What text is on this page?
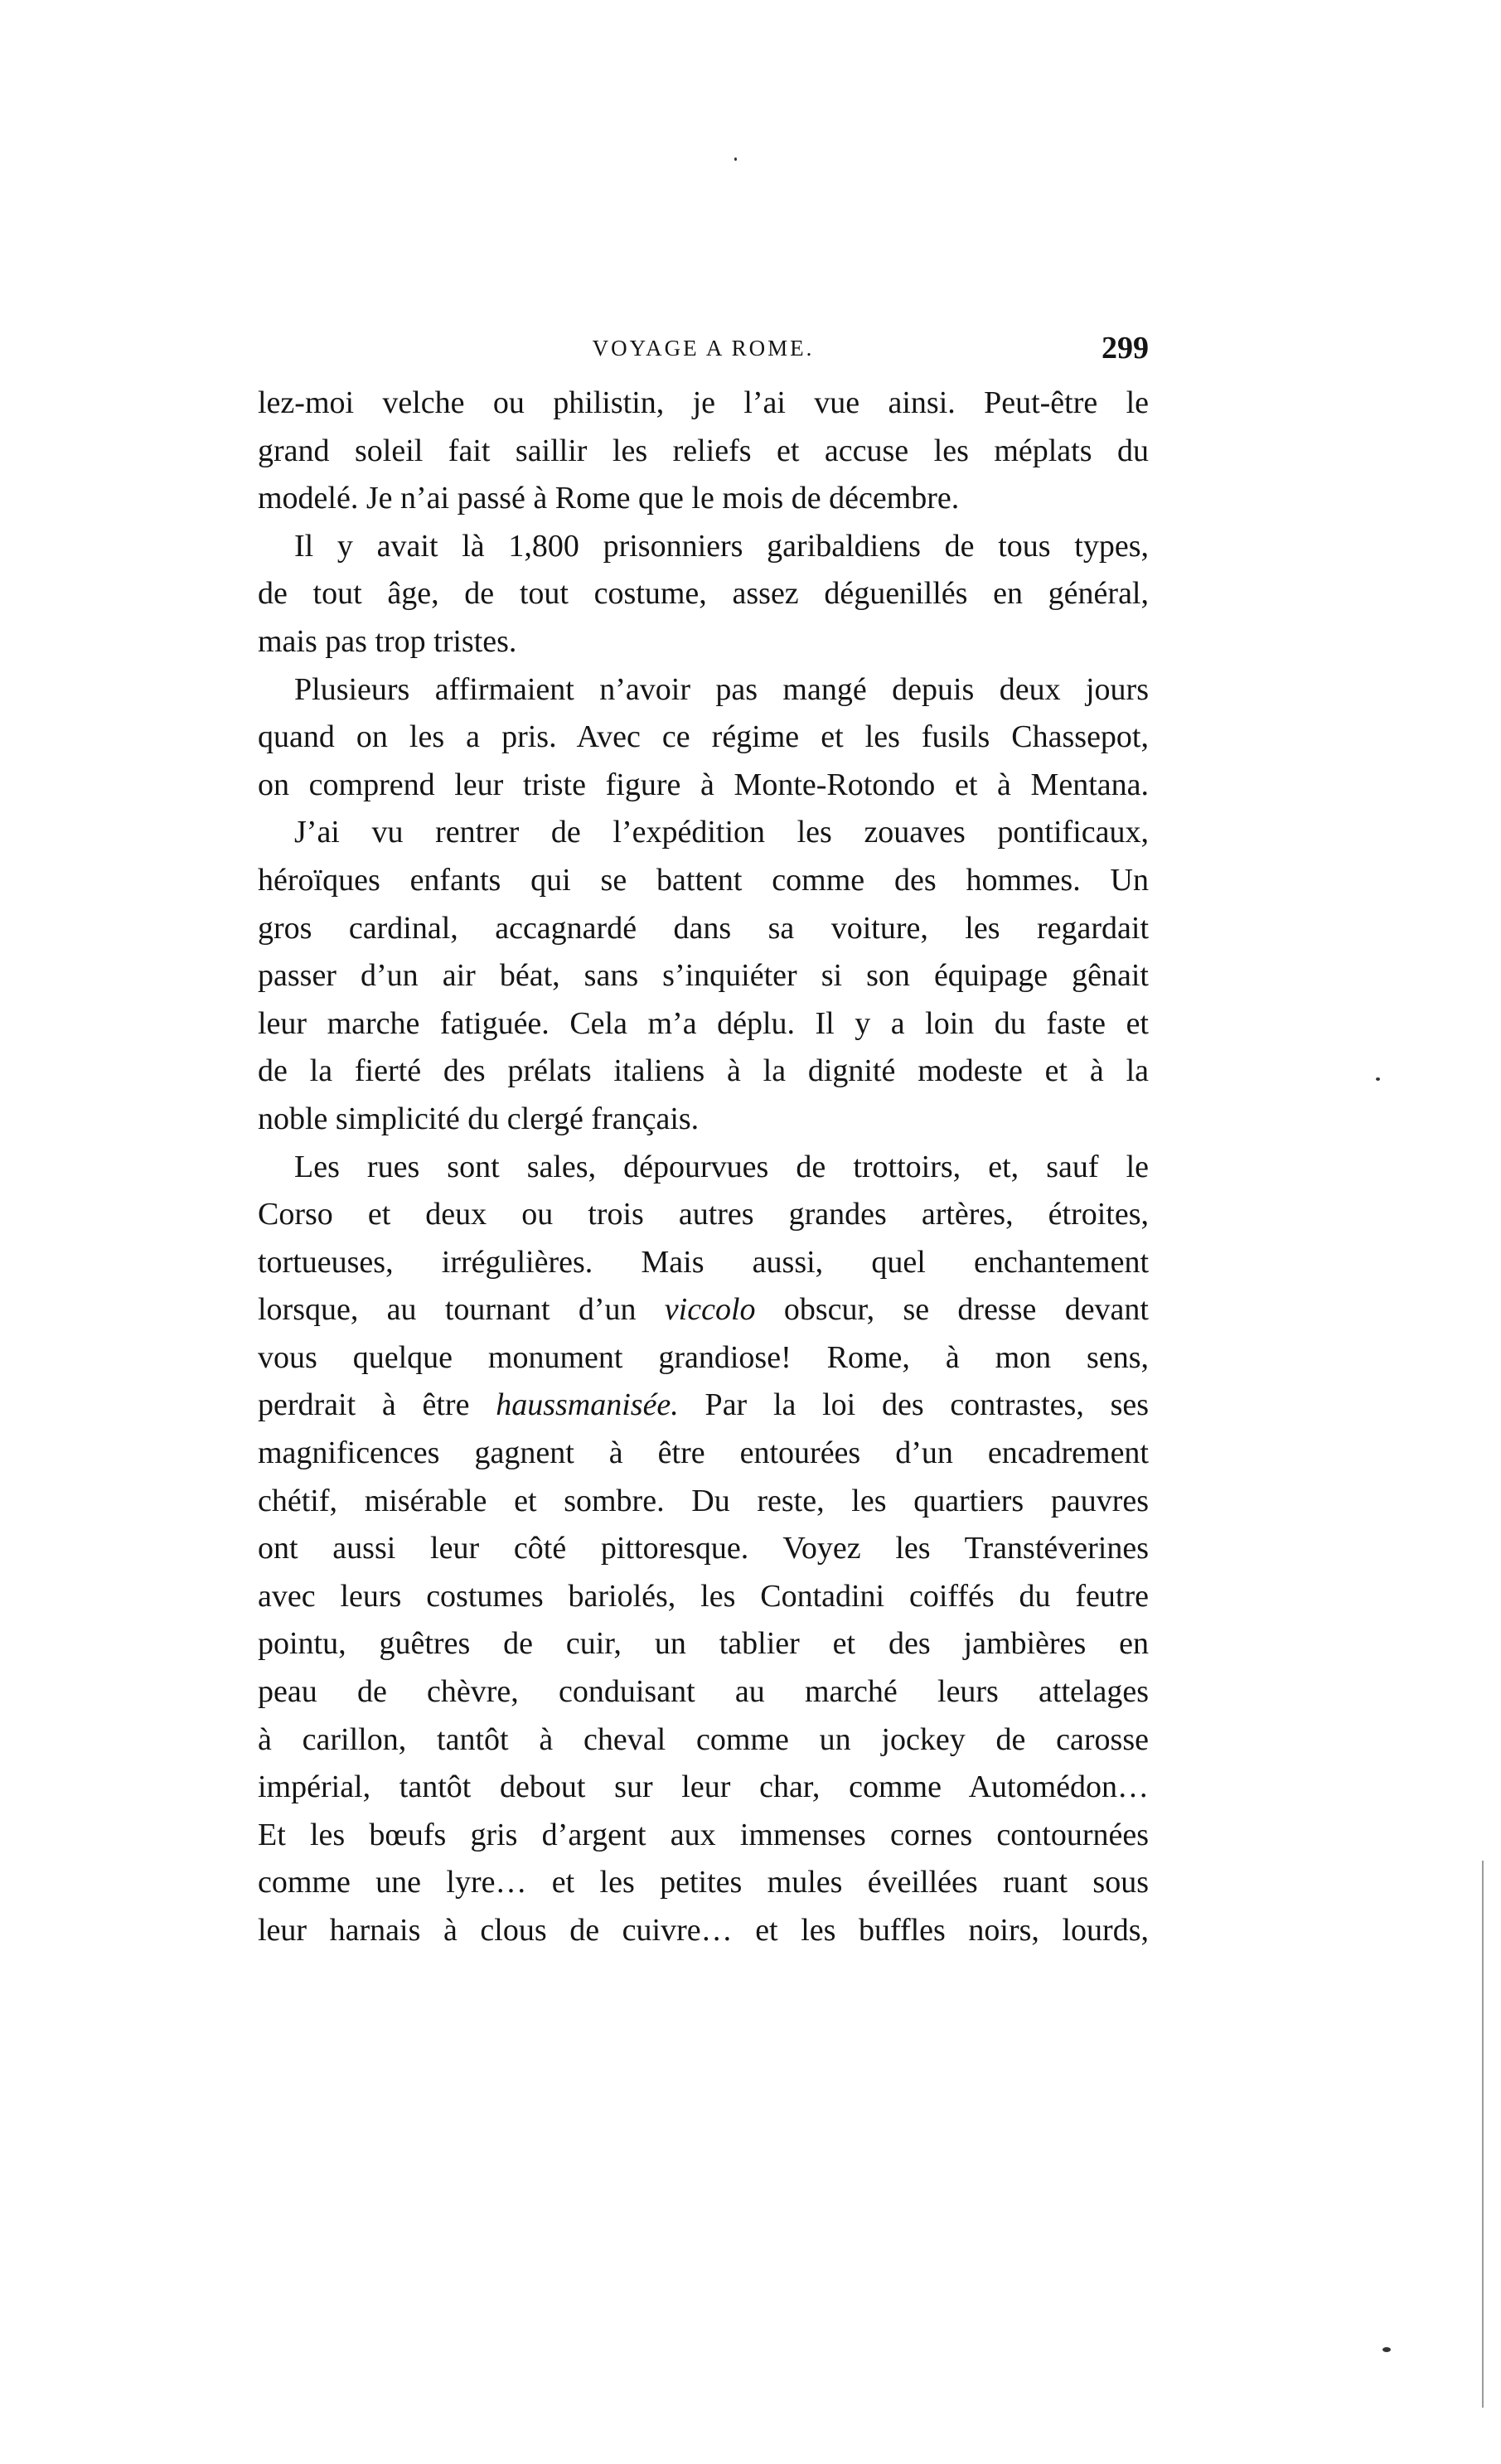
VOYAGE A ROME.	299
lez-moi velche ou philistin, je l’ai vue ainsi. Peut-être le
grand soleil fait saillir les reliefs et accuse les méplats du
modelé. Je n’ai passé à Rome que le mois de décembre.
Il y avait là 1,800 prisonniers garibaldiens de tous types,
de tout âge, de tout costume, assez déguenillés en général,
mais pas trop tristes.
Plusieurs affirmaient n’avoir pas mangé depuis deux jours
quand on les a pris. Avec ce régime et les fusils Chassepot,
on comprend leur triste figure à Monte-Rotondo et à Mentana.
J’ai vu rentrer de l’expédition les zouaves pontificaux,
héroïques enfants qui se battent comme des hommes. Un
gros cardinal, accagnardé dans sa voiture, les regardait
passer d’un air béat, sans s’inquiéter si son équipage gênait
leur marche fatiguée. Cela m’a déplu. Il y a loin du faste et
de la fierté des prélats italiens à la dignité modeste et à la
noble simplicité du clergé français.
Les rues sont sales, dépourvues de trottoirs, et, sauf le
Corso et deux ou trois autres grandes artères, étroites,
tortueuses, irrégulières. Mais aussi, quel enchantement
lorsque, au tournant d’un viccolo obscur, se dresse devant
vous quelque monument grandiose! Rome, à mon sens,
perdrait à être haussmanisée. Par la loi des contrastes, ses
magnificences gagnent à être entourées d’un encadrement
chétif, misérable et sombre. Du reste, les quartiers pauvres
ont aussi leur côté pittoresque. Voyez les Transtéverines
avec leurs costumes bariolés, les Contadini coiffés du feutre
pointu, guêtres de cuir, un tablier et des jambières en
peau de chèvre, conduisant au marché leurs attelages
à carillon, tantôt à cheval comme un jockey de carosse
impérial, tantôt debout sur leur char, comme Automédon…
Et les bœufs gris d’argent aux immenses cornes contournées
comme une lyre… et les petites mules éveillées ruant sous
leur harnais à clous de cuivre… et les buffles noirs, lourds,
